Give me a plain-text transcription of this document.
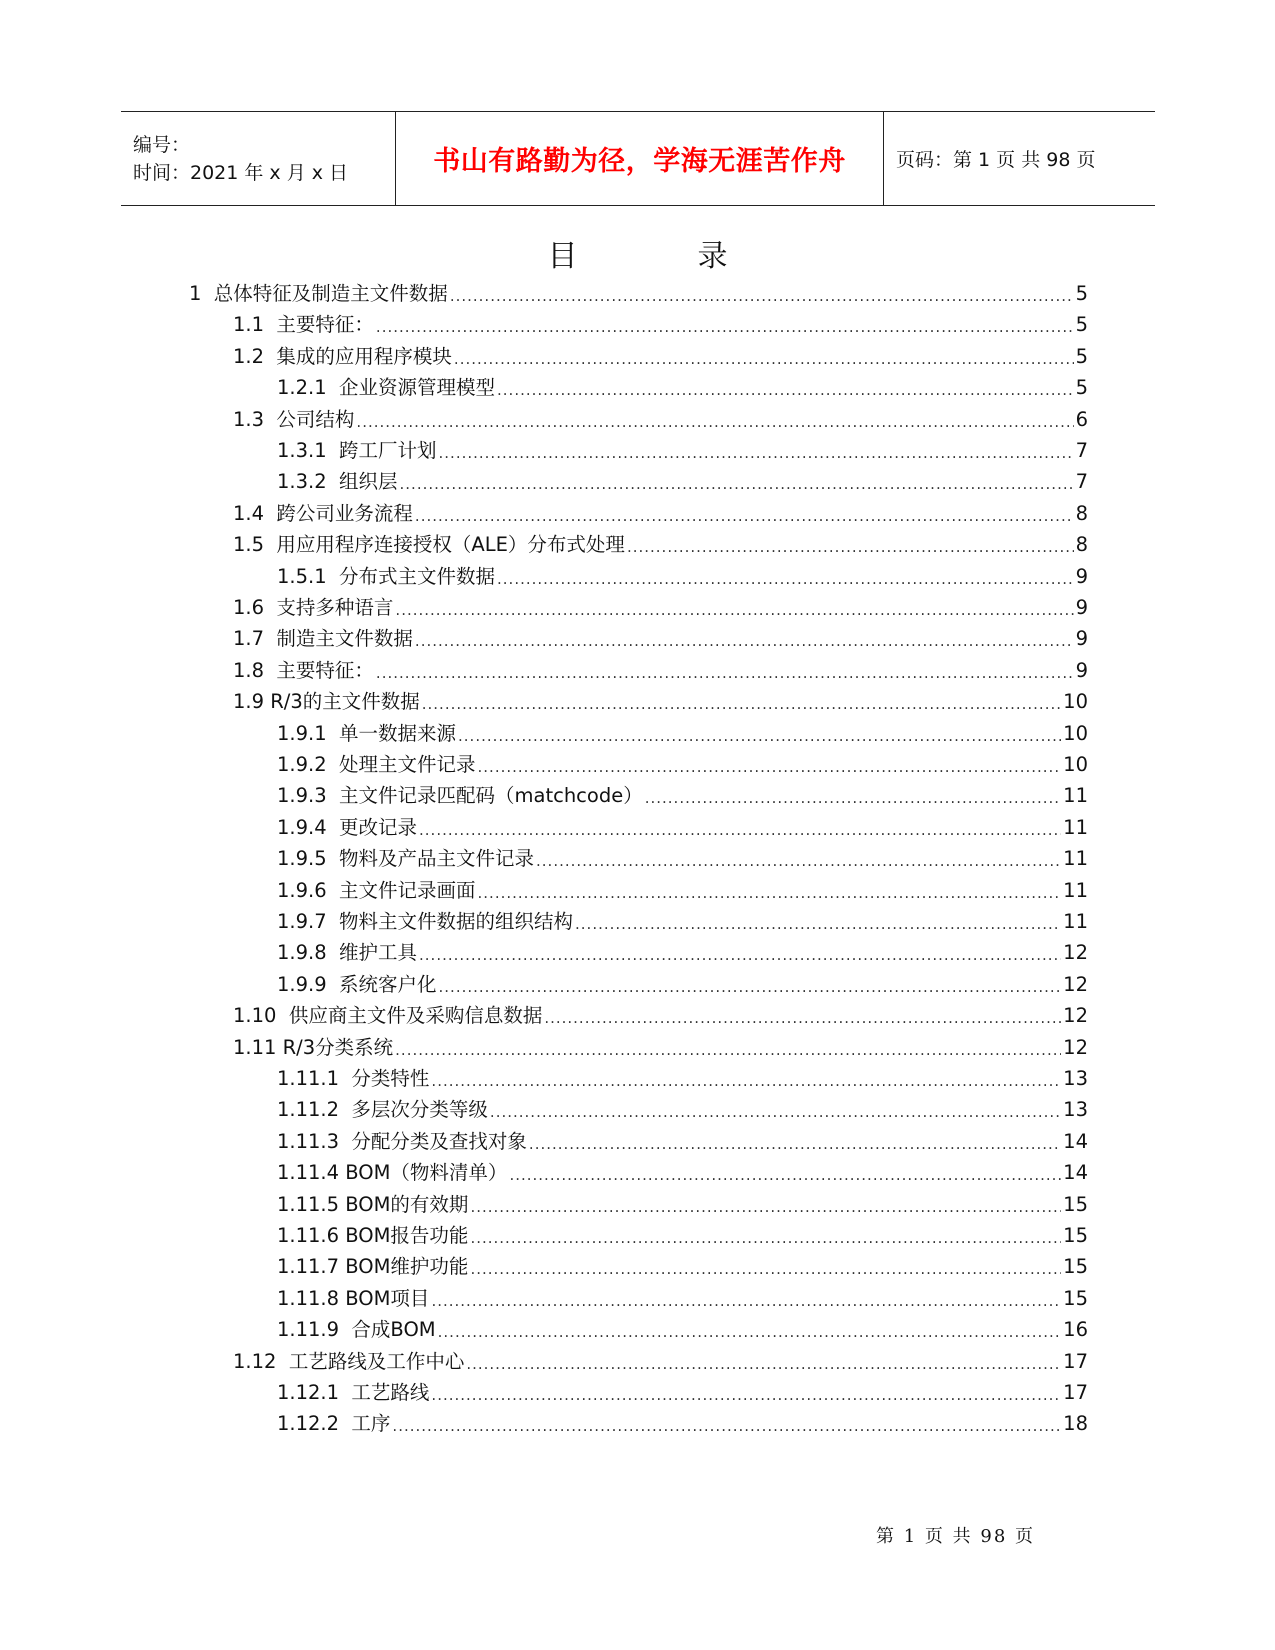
编号：
时间：2021 年 x 月 x 日	书山有路勤为径，学海无涯苦作舟	页码：第 1 页 共 98 页
目录
1  总体特征及制造主文件数据 .....	5
1.1  主要特征： .....	5
1.2  集成的应用程序模块 .....	5
1.2.1  企业资源管理模型 .....	5
1.3  公司结构 .....	6
1.3.1  跨工厂计划 .....	7
1.3.2  组织层 .....	7
1.4  跨公司业务流程 .....	8
1.5  用应用程序连接授权（ALE）分布式处理 .....	8
1.5.1  分布式主文件数据 .....	9
1.6  支持多种语言 .....	9
1.7  制造主文件数据 .....	9
1.8  主要特征： .....	9
1.9 R/3的主文件数据 .....	10
1.9.1  单一数据来源 .....	10
1.9.2  处理主文件记录 .....	10
1.9.3  主文件记录匹配码（matchcode） .....	11
1.9.4  更改记录 .....	11
1.9.5  物料及产品主文件记录 .....	11
1.9.6  主文件记录画面 .....	11
1.9.7  物料主文件数据的组织结构 .....	11
1.9.8  维护工具 .....	12
1.9.9  系统客户化 .....	12
1.10  供应商主文件及采购信息数据 .....	12
1.11 R/3分类系统 .....	12
1.11.1  分类特性 .....	13
1.11.2  多层次分类等级 .....	13
1.11.3  分配分类及查找对象 .....	14
1.11.4 BOM（物料清单） .....	14
1.11.5 BOM的有效期 .....	15
1.11.6 BOM报告功能 .....	15
1.11.7 BOM维护功能 .....	15
1.11.8 BOM项目 .....	15
1.11.9  合成BOM .....	16
1.12  工艺路线及工作中心 .....	17
1.12.1  工艺路线 .....	17
1.12.2  工序 .....	18
第 1 页 共 98 页
